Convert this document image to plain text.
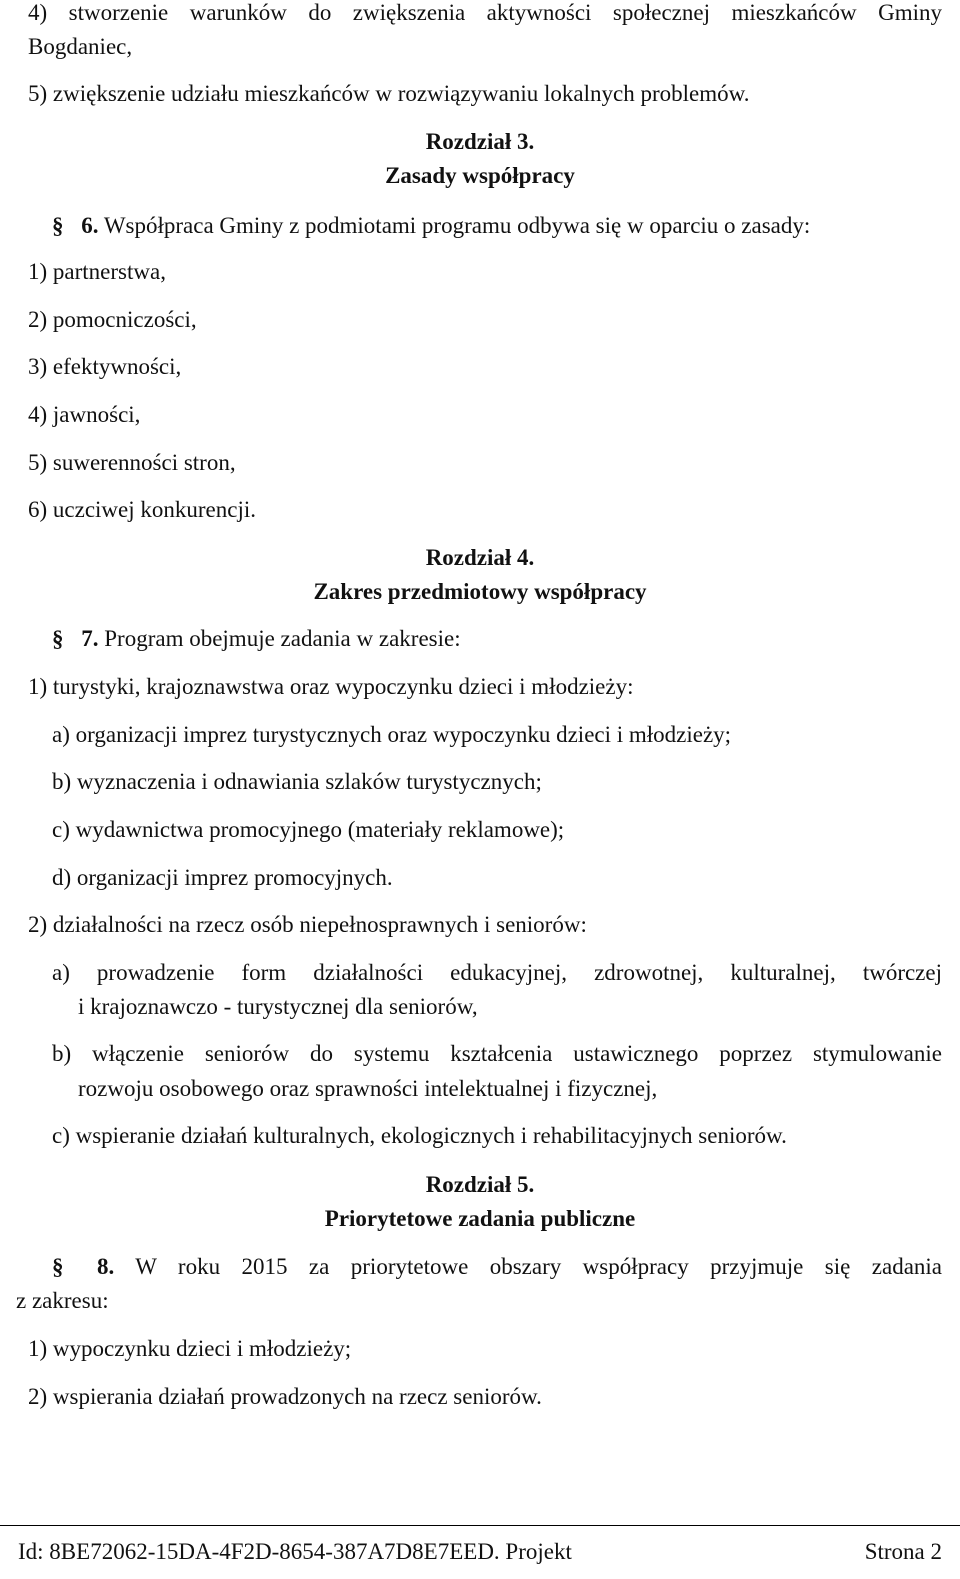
4) stworzenie warunków do zwiększenia aktywności społecznej mieszkańców Gminy
Bogdaniec,
5) zwiększenie udziału mieszkańców w rozwiązywaniu lokalnych problemów.
Rozdział 3.
Zasady współpracy
§ 6. Współpraca Gminy z podmiotami programu odbywa się w oparciu o zasady:
1) partnerstwa,
2) pomocniczości,
3) efektywności,
4) jawności,
5) suwerenności stron,
6) uczciwej konkurencji.
Rozdział 4.
Zakres przedmiotowy współpracy
§ 7. Program obejmuje zadania w zakresie:
1) turystyki, krajoznawstwa oraz wypoczynku dzieci i młodzieży:
a) organizacji imprez turystycznych oraz wypoczynku dzieci i młodzieży;
b) wyznaczenia i odnawiania szlaków turystycznych;
c) wydawnictwa promocyjnego (materiały reklamowe);
d) organizacji imprez promocyjnych.
2) działalności na rzecz osób niepełnosprawnych i seniorów:
a) prowadzenie form działalności edukacyjnej, zdrowotnej, kulturalnej, twórczej
i krajoznawczo - turystycznej dla seniorów,
b) włączenie seniorów do systemu kształcenia ustawicznego poprzez stymulowanie
rozwoju osobowego oraz sprawności intelektualnej i fizycznej,
c) wspieranie działań kulturalnych, ekologicznych i rehabilitacyjnych seniorów.
Rozdział 5.
Priorytetowe zadania publiczne
§ 8. W roku 2015 za priorytetowe obszary współpracy przyjmuje się zadania
z zakresu:
1) wypoczynku dzieci i młodzieży;
2) wspierania działań prowadzonych na rzecz seniorów.
Id: 8BE72062-15DA-4F2D-8654-387A7D8E7EED. Projekt	Strona 2
